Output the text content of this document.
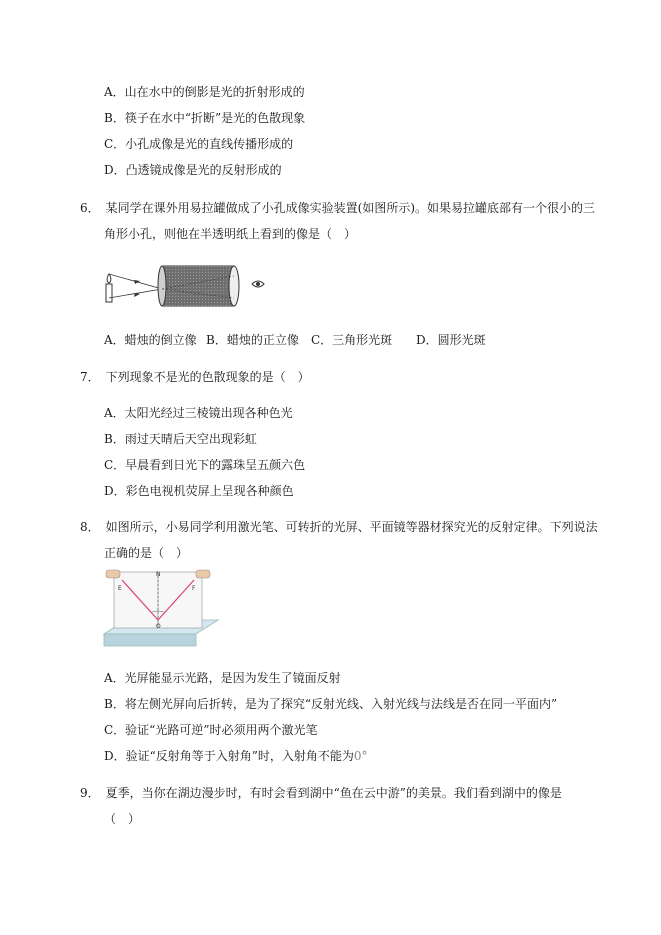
A．山在水中的倒影是光的折射形成的
B．筷子在水中“折断”是光的色散现象
C．小孔成像是光的直线传播形成的
D．凸透镜成像是光的反射形成的
6．　某同学在课外用易拉罐做成了小孔成像实验装置(如图所示)。如果易拉罐底部有一个很小的三
角形小孔，则他在半透明纸上看到的像是（　）
A．蜡烛的倒立像 B．蜡烛的正立像 C．三角形光斑 D．圆形光斑
7．　下列现象不是光的色散现象的是（　）
A．太阳光经过三棱镜出现各种色光
B．雨过天晴后天空出现彩虹
C．早晨看到日光下的露珠呈五颜六色
D．彩色电视机荧屏上呈现各种颜色
8．　如图所示，小易同学利用激光笔、可转折的光屏、平面镜等器材探究光的反射定律。下列说法
正确的是（　）
E
N
F
O
A．光屏能显示光路，是因为发生了镜面反射
B．将左侧光屏向后折转，是为了探究“反射光线、入射光线与法线是否在同一平面内”
C．验证“光路可逆”时必须用两个激光笔
D．验证“反射角等于入射角”时，入射角不能为0°
9．　夏季，当你在湖边漫步时，有时会看到湖中“鱼在云中游”的美景。我们看到湖中的像是
（　）
